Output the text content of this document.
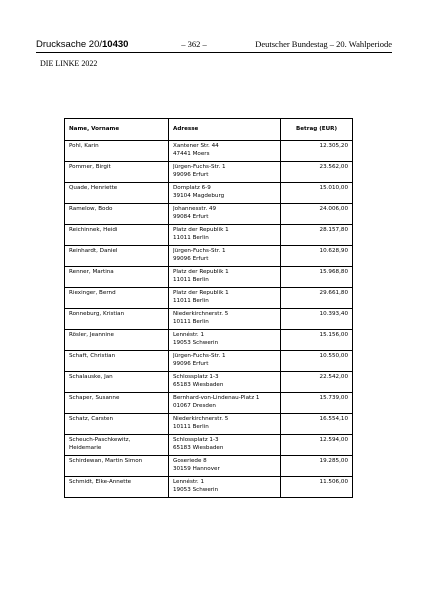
Drucksache 20/10430	– 362 –	Deutscher Bundestag – 20. Wahlperiode
DIE LINKE 2022
Name, Vorname	Adresse	Betrag (EUR)

Pohl, Karin	Xantener Str. 44
47441 Moers	12.305,20

Pommer, Birgit	Jürgen-Fuchs-Str. 1
99096 Erfurt	23.562,00

Quade, Henriette	Domplatz 6-9
39104 Magdeburg	15.010,00

Ramelow, Bodo	Johannesstr. 49
99084 Erfurt	24.006,00

Reichinnek, Heidi	Platz der Republik 1
11011 Berlin	28.157,80

Reinhardt, Daniel	Jürgen-Fuchs-Str. 1
99096 Erfurt	10.628,90

Renner, Martina	Platz der Republik 1
11011 Berlin	15.968,80

Riexinger, Bernd	Platz der Republik 1
11011 Berlin	29.661,80

Ronneburg, Kristian	Niederkirchnerstr. 5
10111 Berlin	10.393,40

Rösler, Jeannine	Lennéstr. 1
19053 Schwerin	15.156,00

Schaft, Christian	Jürgen-Fuchs-Str. 1
99096 Erfurt	10.550,00

Schalauske, Jan	Schlossplatz 1-3
65183 Wiesbaden	22.542,00

Schaper, Susanne	Bernhard-von-Lindenau-Platz 1
01067 Dresden	15.739,00

Schatz, Carsten	Niederkirchnerstr. 5
10111 Berlin	16.554,10

Scheuch-Paschkewitz,
Heidemarie	Schlossplatz 1-3
65183 Wiesbaden	12.594,00

Schirdewan, Martin Simon	Goseriede 8
30159 Hannover	19.285,00

Schmidt, Elke-Annette	Lennéstr. 1
19053 Schwerin	11.506,00
